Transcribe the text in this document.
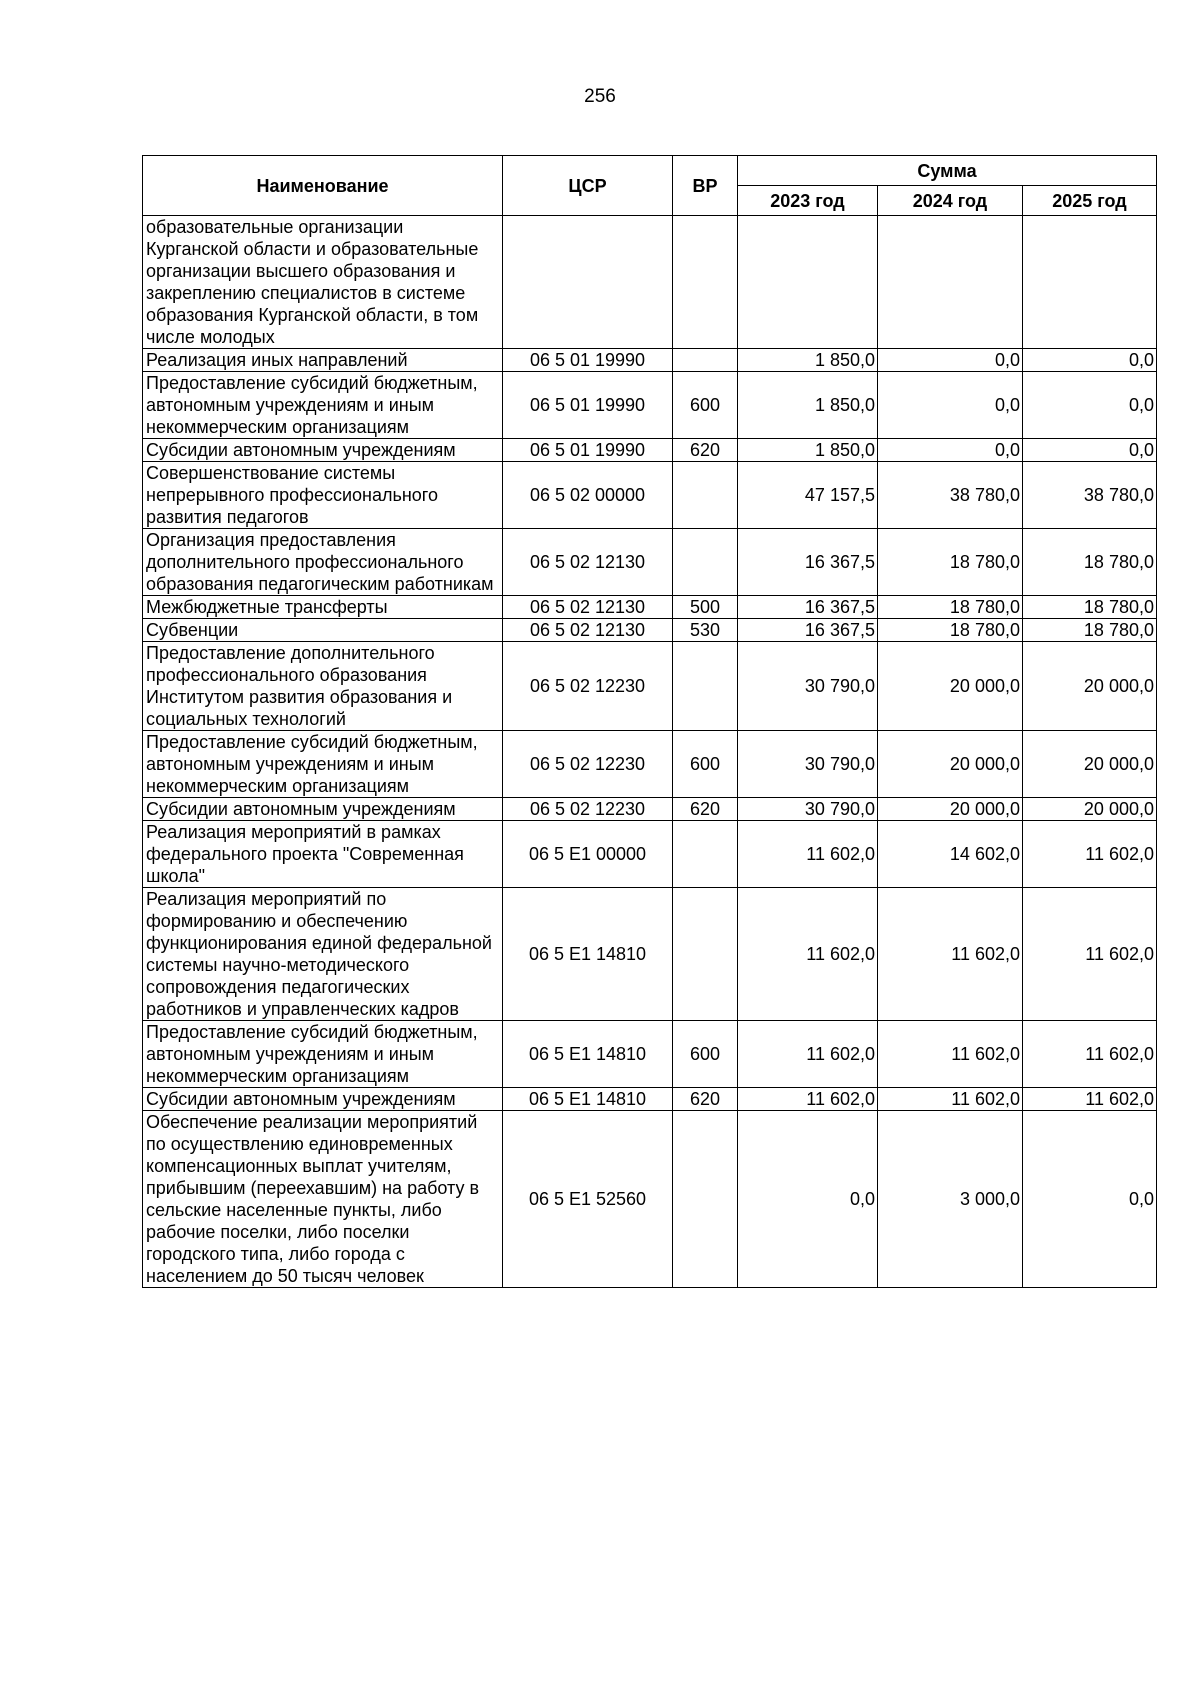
256
Наименование	ЦСР	ВР	Сумма		
			2023 год	2024 год	2025 год
образовательные организации Курганской области и образовательные организации высшего образования и закреплению специалистов в системе образования Курганской области, в том числе молодых					
Реализация иных направлений	06 5 01 19990		1 850,0	0,0	0,0
Предоставление субсидий бюджетным, автономным учреждениям и иным некоммерческим организациям	06 5 01 19990	600	1 850,0	0,0	0,0
Субсидии автономным учреждениям	06 5 01 19990	620	1 850,0	0,0	0,0
Совершенствование системы непрерывного профессионального развития педагогов	06 5 02 00000		47 157,5	38 780,0	38 780,0
Организация предоставления дополнительного профессионального образования педагогическим работникам	06 5 02 12130		16 367,5	18 780,0	18 780,0
Межбюджетные трансферты	06 5 02 12130	500	16 367,5	18 780,0	18 780,0
Субвенции	06 5 02 12130	530	16 367,5	18 780,0	18 780,0
Предоставление дополнительного профессионального образования Институтом развития образования и социальных технологий	06 5 02 12230		30 790,0	20 000,0	20 000,0
Предоставление субсидий бюджетным, автономным учреждениям и иным некоммерческим организациям	06 5 02 12230	600	30 790,0	20 000,0	20 000,0
Субсидии автономным учреждениям	06 5 02 12230	620	30 790,0	20 000,0	20 000,0
Реализация мероприятий в рамках федерального проекта "Современная школа"	06 5 E1 00000		11 602,0	14 602,0	11 602,0
Реализация мероприятий по формированию и обеспечению функционирования единой федеральной системы научно-методического сопровождения педагогических работников и управленческих кадров	06 5 E1 14810		11 602,0	11 602,0	11 602,0
Предоставление субсидий бюджетным, автономным учреждениям и иным некоммерческим организациям	06 5 E1 14810	600	11 602,0	11 602,0	11 602,0
Субсидии автономным учреждениям	06 5 E1 14810	620	11 602,0	11 602,0	11 602,0
Обеспечение реализации мероприятий по осуществлению единовременных компенсационных выплат учителям, прибывшим (переехавшим) на работу в сельские населенные пункты, либо рабочие поселки, либо поселки городского типа, либо города с населением до 50 тысяч человек	06 5 E1 52560		0,0	3 000,0	0,0
